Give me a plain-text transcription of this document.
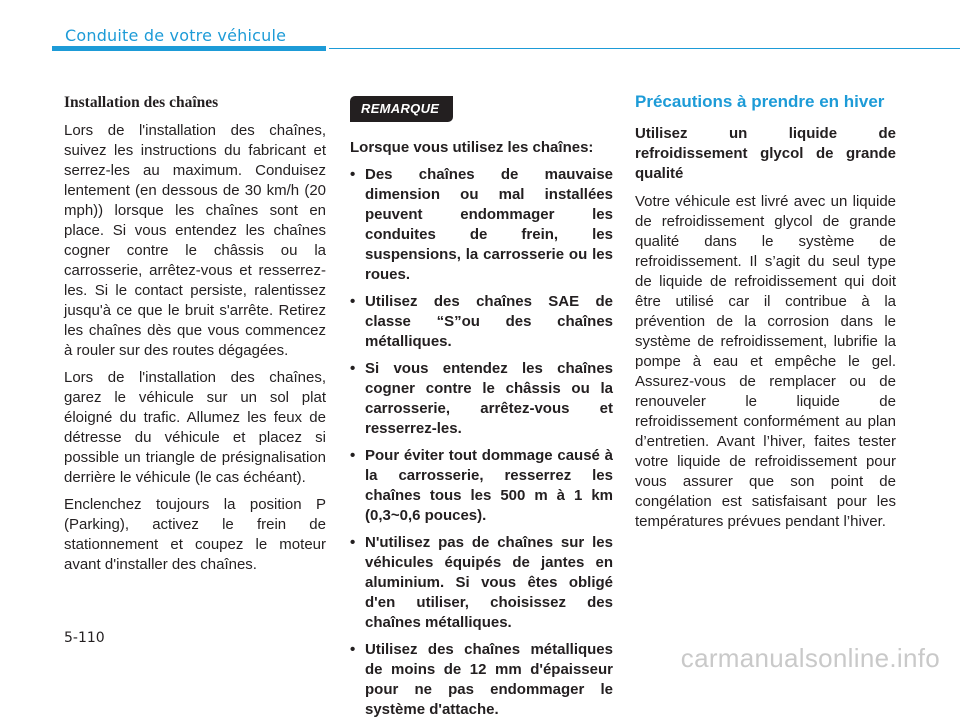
Conduite de votre véhicule
Installation des chaînes

Lors de l'installation des chaînes, suivez les instructions du fabricant et serrez-les au maximum. Conduisez lentement (en dessous de 30 km/h (20 mph)) lorsque les chaînes sont en place. Si vous entendez les chaînes cogner contre le châssis ou la carrosserie, arrêtez-vous et resserrez-les. Si le contact persiste, ralentissez jusqu'à ce que le bruit s'arrête. Retirez les chaînes dès que vous commencez à rouler sur des routes dégagées.

Lors de l'installation des chaînes, garez le véhicule sur un sol plat éloigné du trafic. Allumez les feux de détresse du véhicule et placez si possible un triangle de présignalisation derrière le véhicule (le cas échéant).

Enclenchez toujours la position P (Parking), activez le frein de stationnement et coupez le moteur avant d'installer des chaînes.

REMARQUE
Lorsque vous utilisez les chaînes:
• Des chaînes de mauvaise dimension ou mal installées peuvent endommager les conduites de frein, les suspensions, la carrosserie ou les roues.
• Utilisez des chaînes SAE de classe “S”ou des chaînes métalliques.
• Si vous entendez les chaînes cogner contre le châssis ou la carrosserie, arrêtez-vous et resserrez-les.
• Pour éviter tout dommage causé à la carrosserie, resserrez les chaînes tous les 500 m à 1 km (0,3~0,6 pouces).
• N'utilisez pas de chaînes sur les véhicules équipés de jantes en aluminium. Si vous êtes obligé d'en utiliser, choisissez des chaînes métalliques.
• Utilisez des chaînes métalliques de moins de 12 mm d'épaisseur pour ne pas endommager le système d'attache.
Précautions à prendre en hiver
Utilisez un liquide de refroidissement glycol de grande qualité

Votre véhicule est livré avec un liquide de refroidissement glycol de grande qualité dans le système de refroidissement. Il s’agit du seul type de liquide de refroidissement qui doit être utilisé car il contribue à la prévention de la corrosion dans le système de refroidissement, lubrifie la pompe à eau et empêche le gel. Assurez-vous de remplacer ou de renouveler le liquide de refroidissement conformément au plan d’entretien. Avant l’hiver, faites tester votre liquide de refroidissement pour vous assurer que son point de congélation est satisfaisant pour les températures prévues pendant l’hiver.

5-110
carmanualsonline.info
